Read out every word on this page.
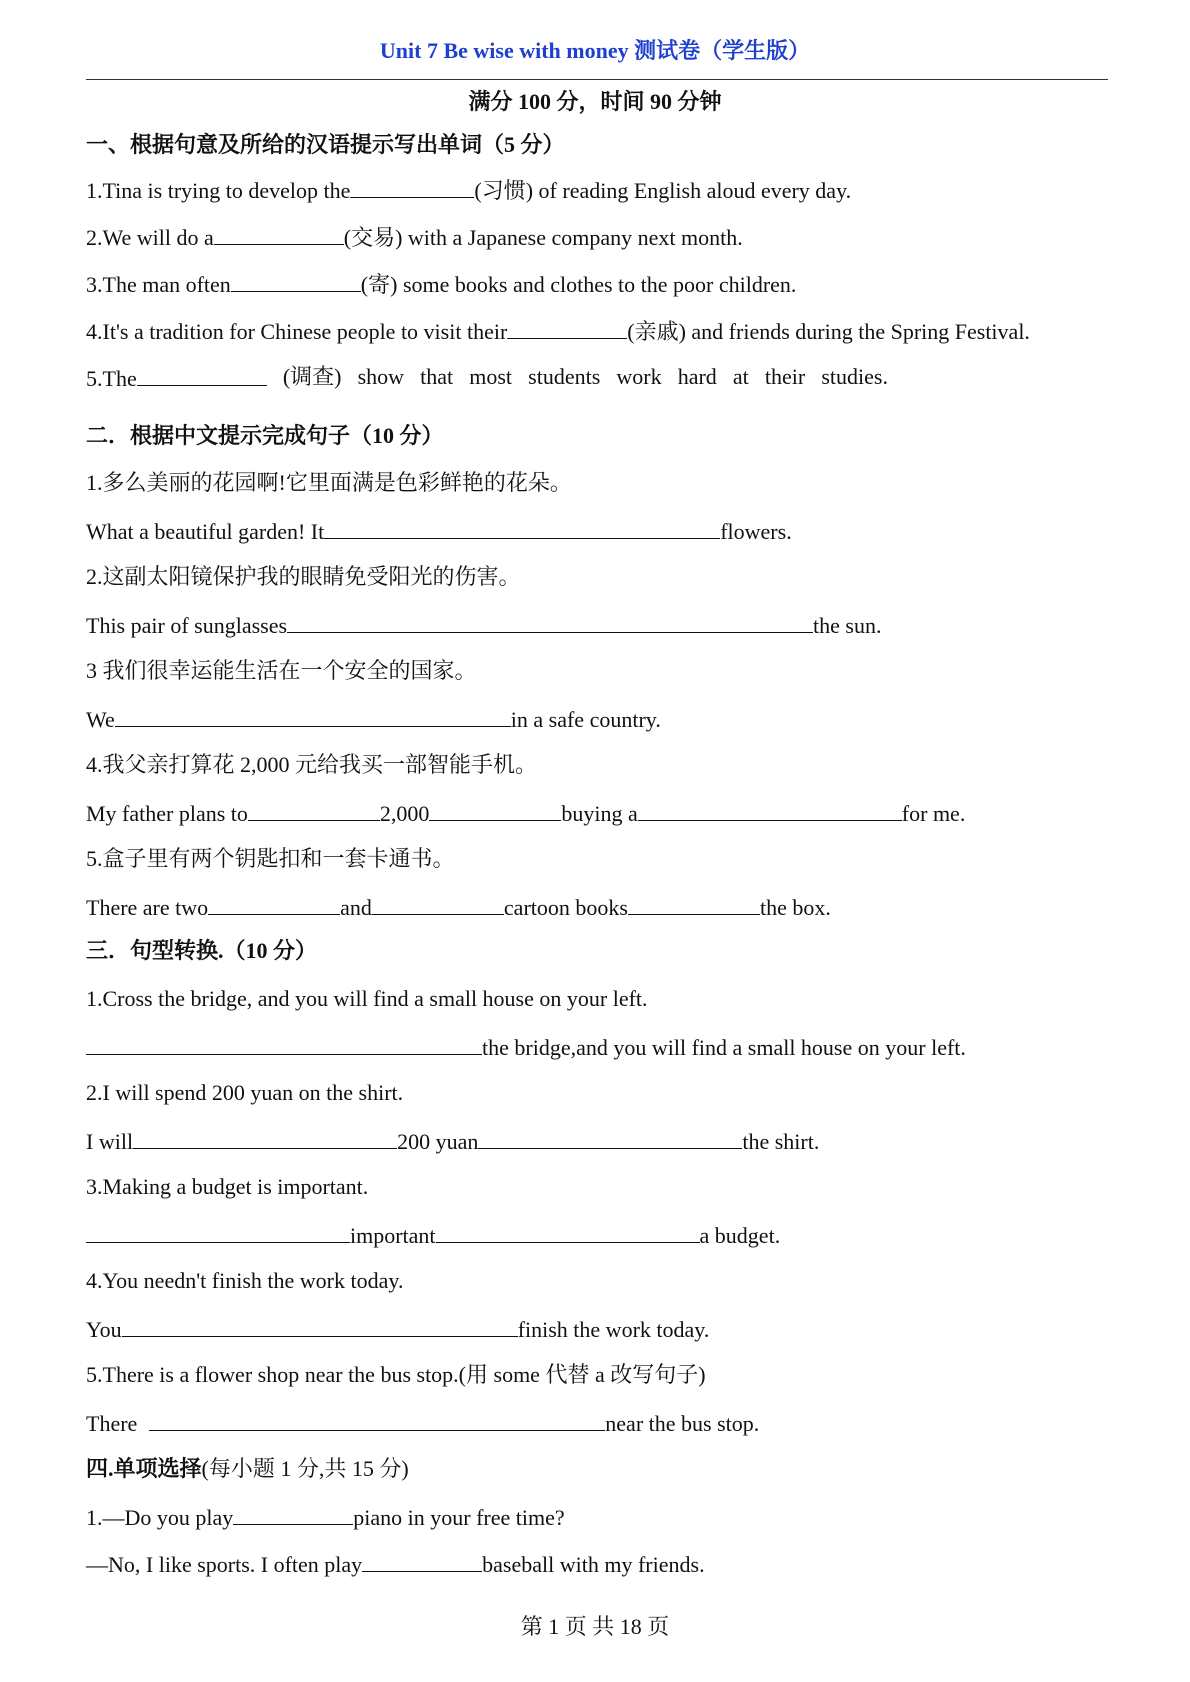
Unit 7 Be wise with money 测试卷（学生版）
满分 100 分，时间 90 分钟
一、根据句意及所给的汉语提示写出单词（5 分）
1.Tina is trying to develop the	(习惯) of reading English aloud every day.
2.We will do a	(交易) with a Japanese company next month.
3.The man often	(寄) some books and clothes to the poor children.
4.It's a tradition for Chinese people to visit their	(亲戚) and friends during the Spring Festival.
5.The	(调查) show that most students work hard at their studies.
二．根据中文提示完成句子（10 分）
1.多么美丽的花园啊!它里面满是色彩鲜艳的花朵。
What a beautiful garden! It	flowers.
2.这副太阳镜保护我的眼睛免受阳光的伤害。
This pair of sunglasses	the sun.
3 我们很幸运能生活在一个安全的国家。
We	in a safe country.
4.我父亲打算花 2,000 元给我买一部智能手机。
My father plans to	2,000	buying a	for me.
5.盒子里有两个钥匙扣和一套卡通书。
There are two	and	cartoon books	the box.
三．句型转换.（10 分）
1.Cross the bridge, and you will find a small house on your left.
the bridge,and you will find a small house on your left.
2.I will spend 200 yuan on the shirt.
I will	200 yuan	the shirt.
3.Making a budget is important.
important	a budget.
4.You needn't finish the work today.
You	finish the work today.
5.There is a flower shop near the bus stop.(用 some 代替 a 改写句子)
There	near the bus stop.
四.单项选择(每小题 1 分,共 15 分)
1.—Do you play	piano in your free time?
—No, I like sports. I often play	baseball with my friends.
第 1 页 共 18 页
